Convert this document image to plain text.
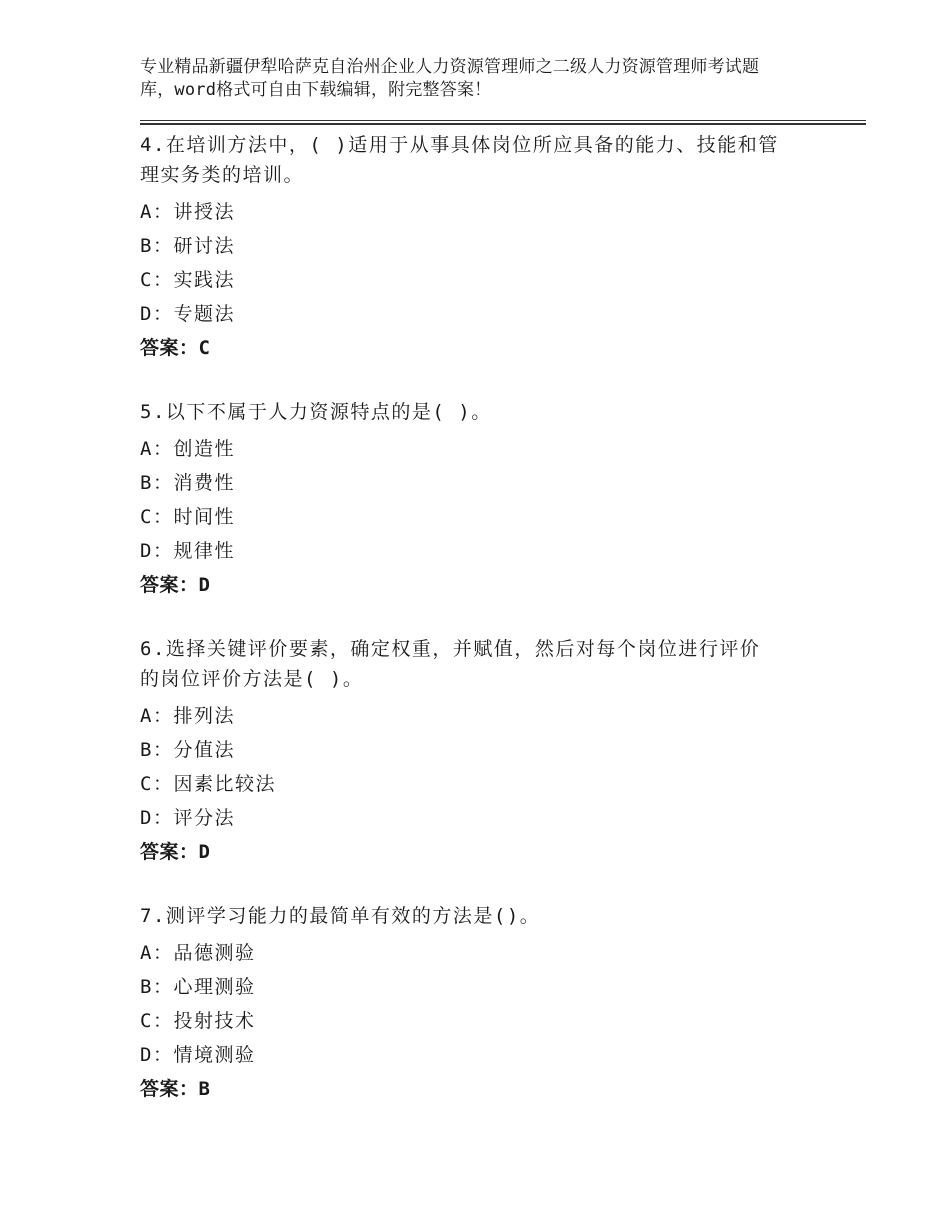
专业精品新疆伊犁哈萨克自治州企业人力资源管理师之二级人力资源管理师考试题
库，word格式可自由下载编辑，附完整答案！
4.在培训方法中，( )适用于从事具体岗位所应具备的能力、技能和管
理实务类的培训。
A：讲授法
B：研讨法
C：实践法
D：专题法
答案：C
5.以下不属于人力资源特点的是( )。
A：创造性
B：消费性
C：时间性
D：规律性
答案：D
6.选择关键评价要素，确定权重，并赋值，然后对每个岗位进行评价
的岗位评价方法是( )。
A：排列法
B：分值法
C：因素比较法
D：评分法
答案：D
7.测评学习能力的最简单有效的方法是()。
A：品德测验
B：心理测验
C：投射技术
D：情境测验
答案：B
